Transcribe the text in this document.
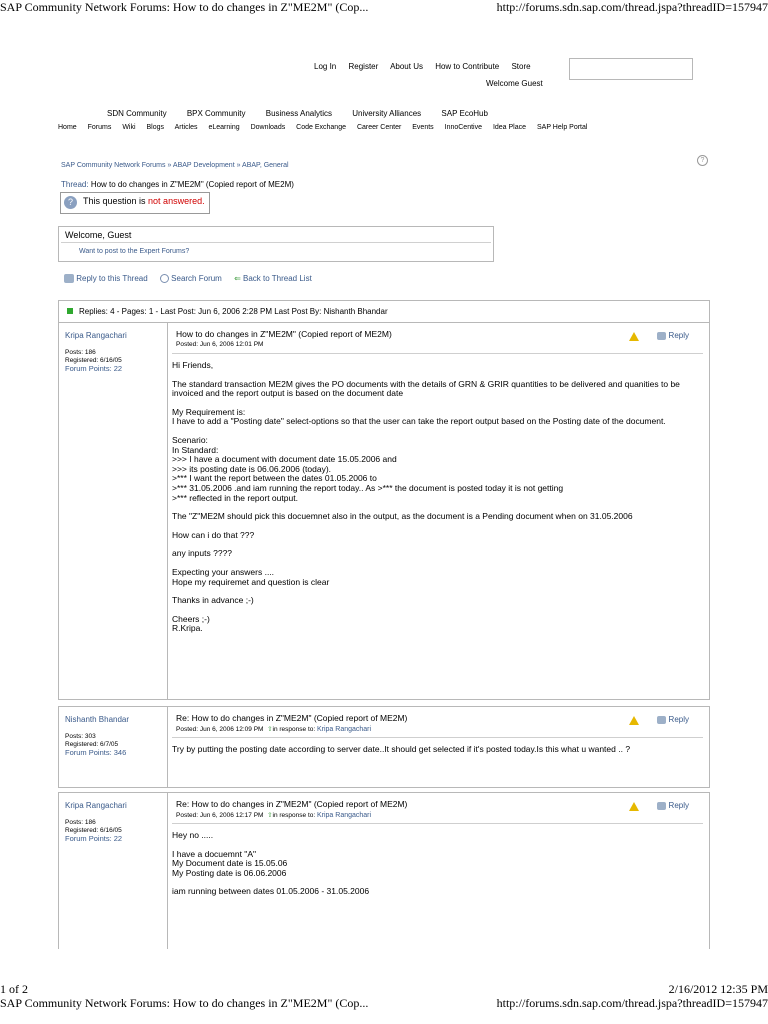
SAP Community Network Forums: How to do changes in Z"ME2M" (Cop...	http://forums.sdn.sap.com/thread.jspa?threadID=157947
Log In Register About Us How to Contribute Store
Welcome Guest
SDN Community	BPX Community	Business Analytics	University Alliances	SAP EcoHub
Home Forums Wiki Blogs Articles eLearning Downloads Code Exchange Career Center Events InnoCentive Idea Place SAP Help Portal
SAP Community Network Forums » ABAP Development » ABAP, General
?
Thread: How to do changes in Z"ME2M" (Copied report of ME2M)
?	This question is not answered.
Welcome, Guest
Want to post to the Expert Forums?
Reply to this Thread	Search Forum ⇐ Back to Thread List
Replies: 4 - Pages: 1 - Last Post: Jun 6, 2006 2:28 PM Last Post By: Nishanth Bhandar
Kripa Rangachari
Posts: 186
Registered: 6/16/05
Forum Points: 22
How to do changes in Z"ME2M" (Copied report of ME2M)
Posted: Jun 6, 2006 12:01 PM
Reply

Hi Friends,

The standard transaction ME2M gives the PO documents with the details of GRN & GRIR quantities to be delivered and quanities to be invoiced and the report output is based on the document date

My Requirement is:
I have to add a "Posting date" select-options so that the user can take the report output based on the Posting date of the document.

Scenario:
In Standard:
>>> I have a document with document date 15.05.2006 and
>>> its posting date is 06.06.2006 (today).
>*** I want the report between the dates 01.05.2006 to
>*** 31.05.2006 .and iam running the report today.. As >*** the document is posted today it is not getting
>*** reflected in the report output.

The "Z"ME2M should pick this docuemnet also in the output, as the document is a Pending document when on 31.05.2006

How can i do that ???

any inputs ????

Expecting your answers ....
Hope my requiremet and question is clear

Thanks in advance ;-)

Cheers ;-)
R.Kripa.

Nishanth Bhandar
Posts: 303
Registered: 6/7/05
Forum Points: 346
Re: How to do changes in Z"ME2M" (Copied report of ME2M)
Posted: Jun 6, 2006 12:09 PM ⇧in response to: Kripa Rangachari
Reply

Try by putting the posting date according to server date..It should get selected if it's posted today.Is this what u wanted .. ?

Kripa Rangachari
Posts: 186
Registered: 6/16/05
Forum Points: 22
Re: How to do changes in Z"ME2M" (Copied report of ME2M)
Posted: Jun 6, 2006 12:17 PM ⇧in response to: Kripa Rangachari
Reply

Hey no .....

I have a docuemnt "A"
My Document date is 15.05.06
My Posting date is 06.06.2006

iam running between dates 01.05.2006 - 31.05.2006

1 of 2	2/16/2012 12:35 PM
SAP Community Network Forums: How to do changes in Z"ME2M" (Cop...	http://forums.sdn.sap.com/thread.jspa?threadID=157947
